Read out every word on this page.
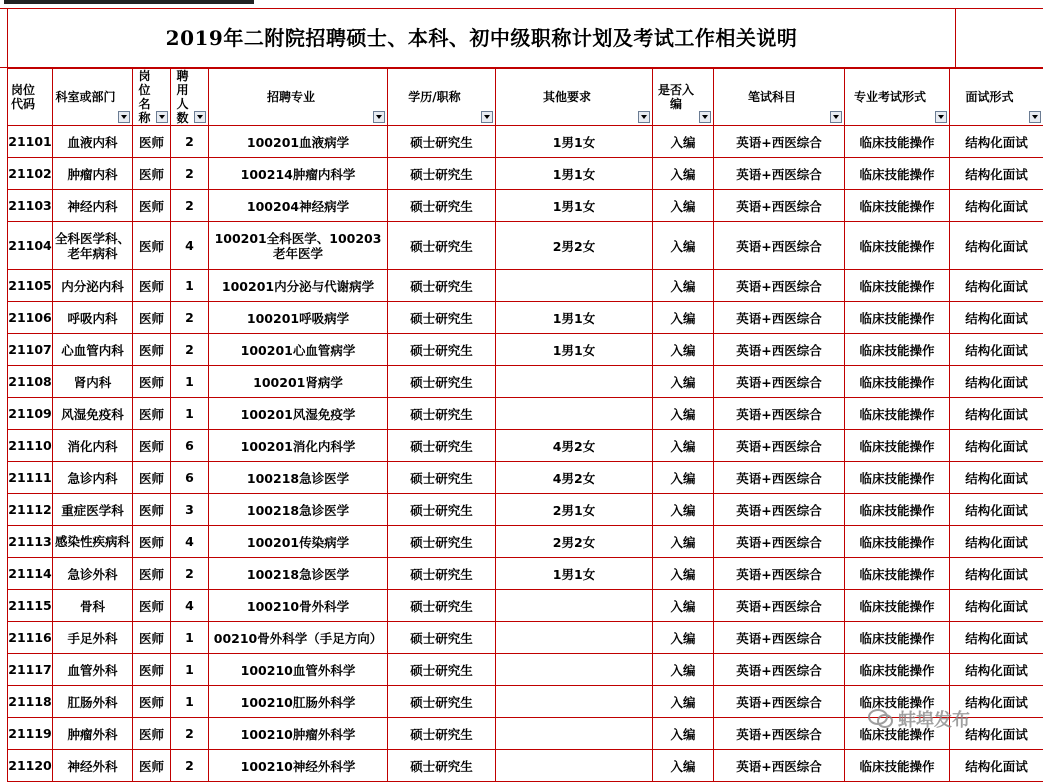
2019年二附院招聘硕士、本科、初中级职称计划及考试工作相关说明
岗位代码	科室或部门	岗位名称	聘用人数	招聘专业	学历/职称	其他要求	是否入编	笔试科目	专业考试形式	面试形式

21101	血液内科	医师	2	100201血液病学	硕士研究生	1男1女	入编	英语+西医综合	临床技能操作	结构化面试
21102	肿瘤内科	医师	2	100214肿瘤内科学	硕士研究生	1男1女	入编	英语+西医综合	临床技能操作	结构化面试
21103	神经内科	医师	2	100204神经病学	硕士研究生	1男1女	入编	英语+西医综合	临床技能操作	结构化面试
21104	全科医学科、老年病科	医师	4	100201全科医学、100203老年医学	硕士研究生	2男2女	入编	英语+西医综合	临床技能操作	结构化面试
21105	内分泌内科	医师	1	100201内分泌与代谢病学	硕士研究生		入编	英语+西医综合	临床技能操作	结构化面试
21106	呼吸内科	医师	2	100201呼吸病学	硕士研究生	1男1女	入编	英语+西医综合	临床技能操作	结构化面试
21107	心血管内科	医师	2	100201心血管病学	硕士研究生	1男1女	入编	英语+西医综合	临床技能操作	结构化面试
21108	肾内科	医师	1	100201肾病学	硕士研究生		入编	英语+西医综合	临床技能操作	结构化面试
21109	风湿免疫科	医师	1	100201风湿免疫学	硕士研究生		入编	英语+西医综合	临床技能操作	结构化面试
21110	消化内科	医师	6	100201消化内科学	硕士研究生	4男2女	入编	英语+西医综合	临床技能操作	结构化面试
21111	急诊内科	医师	6	100218急诊医学	硕士研究生	4男2女	入编	英语+西医综合	临床技能操作	结构化面试
21112	重症医学科	医师	3	100218急诊医学	硕士研究生	2男1女	入编	英语+西医综合	临床技能操作	结构化面试
21113	感染性疾病科	医师	4	100201传染病学	硕士研究生	2男2女	入编	英语+西医综合	临床技能操作	结构化面试
21114	急诊外科	医师	2	100218急诊医学	硕士研究生	1男1女	入编	英语+西医综合	临床技能操作	结构化面试
21115	骨科	医师	4	100210骨外科学	硕士研究生		入编	英语+西医综合	临床技能操作	结构化面试
21116	手足外科	医师	1	00210骨外科学（手足方向）	硕士研究生		入编	英语+西医综合	临床技能操作	结构化面试
21117	血管外科	医师	1	100210血管外科学	硕士研究生		入编	英语+西医综合	临床技能操作	结构化面试
21118	肛肠外科	医师	1	100210肛肠外科学	硕士研究生		入编	英语+西医综合	临床技能操作	结构化面试
21119	肿瘤外科	医师	2	100210肿瘤外科学	硕士研究生		入编	英语+西医综合	临床技能操作	结构化面试
21120	神经外科	医师	2	100210神经外科学	硕士研究生		入编	英语+西医综合	临床技能操作	结构化面试
蚌埠发布
